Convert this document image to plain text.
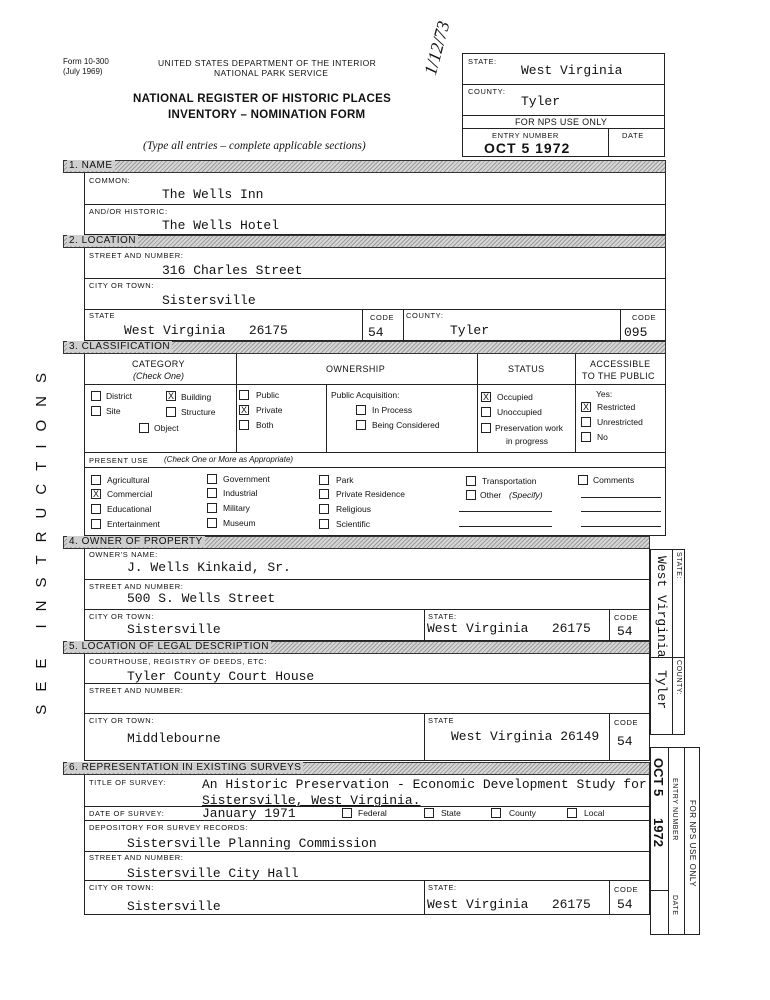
Form 10-300
(July 1969)
UNITED STATES DEPARTMENT OF THE INTERIOR
NATIONAL PARK SERVICE
NATIONAL REGISTER OF HISTORIC PLACES
INVENTORY – NOMINATION FORM
(Type all entries – complete applicable sections)
1/12/73 STATE:
West Virginia
COUNTY:
Tyler
FOR NPS USE ONLY
ENTRY NUMBER	DATE
OCT 5 1972
SEE INSTRUCTIONS
1. NAME
COMMON:
The Wells Inn
AND/OR HISTORIC:
The Wells Hotel
2. LOCATION
STREET AND NUMBER:
316 Charles Street
CITY OR TOWN:
Sistersville
STATE
West Virginia   26175
CODE
54
COUNTY:
Tyler
CODE
095
3. CLASSIFICATION
CATEGORY
(Check One)
OWNERSHIP	STATUS	ACCESSIBLE
TO THE PUBLIC
District	X Building
Site	Structure
Object
Public
X Private
Both
Public Acquisition:
In Process
Being Considered
X Occupied
Unoccupied
Preservation work
in progress
Yes:
X Restricted
Unrestricted
No
PRESENT USE (Check One or More as Appropriate)
Agricultural
X Commercial
Educational
Entertainment
Government
Industrial
Military
Museum
Park
Private Residence
Religious
Scientific
Transportation
Other (Specify)
Comments
4. OWNER OF PROPERTY
OWNER'S NAME:
J. Wells Kinkaid, Sr.
STREET AND NUMBER:
500 S. Wells Street
CITY OR TOWN:
Sistersville
STATE:
West Virginia   26175
CODE
54
5. LOCATION OF LEGAL DESCRIPTION
COURTHOUSE, REGISTRY OF DEEDS, ETC:
Tyler County Court House
STREET AND NUMBER:
CITY OR TOWN:
Middlebourne
STATE
West Virginia 26149
CODE
54
6. REPRESENTATION IN EXISTING SURVEYS
TITLE OF SURVEY:	An Historic Preservation - Economic Development Study for
Sistersville, West Virginia.
DATE OF SURVEY:	January 1971	Federal	State	County	Local
DEPOSITORY FOR SURVEY RECORDS:
Sistersville Planning Commission
STREET AND NUMBER:
Sistersville City Hall
CITY OR TOWN:
Sistersville
STATE:
West Virginia   26175
CODE
54
West Virginia STATE:
Tyler COUNTY:
OCT 5
1972 ENTRY NUMBER
DATE
FOR NPS USE ONLY
